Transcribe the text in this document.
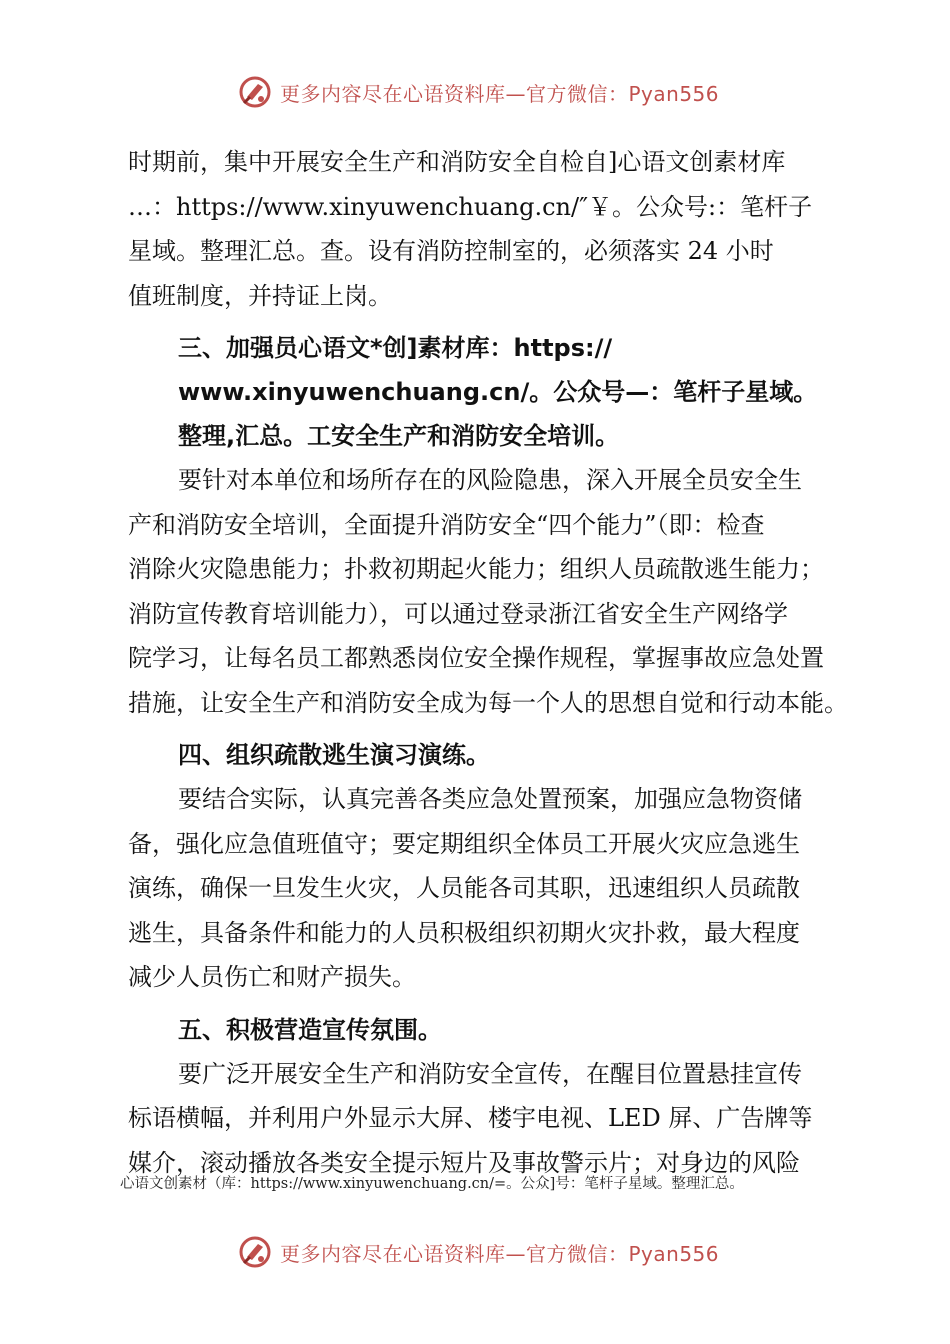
更多内容尽在心语资料库—官方微信：Pyan556
时期前，集中开展安全生产和消防安全自检自]心语文创素材库
…：https://www.xinyuwenchuang.cn/″￥。公众号:：笔杆子
星域。整理汇总。查。设有消防控制室的，必须落实 24 小时
值班制度，并持证上岗。
三、加强员心语文*创]素材库：https://
www.xinyuwenchuang.cn/。公众号—：笔杆子星域。
整理,汇总。工安全生产和消防安全培训。
要针对本单位和场所存在的风险隐患，深入开展全员安全生
产和消防安全培训，全面提升消防安全“四个能力”（即：检查
消除火灾隐患能力；扑救初期起火能力；组织人员疏散逃生能力；
消防宣传教育培训能力），可以通过登录浙江省安全生产网络学
院学习，让每名员工都熟悉岗位安全操作规程，掌握事故应急处置
措施，让安全生产和消防安全成为每一个人的思想自觉和行动本能。
四、组织疏散逃生演习演练。
要结合实际，认真完善各类应急处置预案，加强应急物资储
备，强化应急值班值守；要定期组织全体员工开展火灾应急逃生
演练，确保一旦发生火灾，人员能各司其职，迅速组织人员疏散
逃生，具备条件和能力的人员积极组织初期火灾扑救，最大程度
减少人员伤亡和财产损失。
五、积极营造宣传氛围。
要广泛开展安全生产和消防安全宣传，在醒目位置悬挂宣传
标语横幅，并利用户外显示大屏、楼宇电视、LED 屏、广告牌等
媒介，滚动播放各类安全提示短片及事故警示片；对身边的风险
心语文创素材（库：https://www.xinyuwenchuang.cn/=。公众]号：笔杆子星域。整理汇总。
更多内容尽在心语资料库—官方微信：Pyan556
